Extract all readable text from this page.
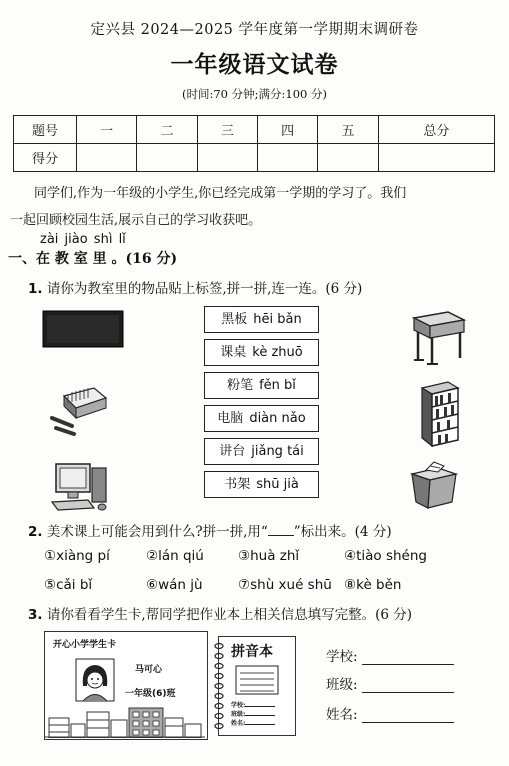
定兴县 2024—2025 学年度第一学期期末调研卷
一年级语文试卷
(时间:70 分钟;满分:100 分)
题号	一	二	三	四	五	总分
得分						

同学们,作为一年级的小学生,你已经完成第一学期的学习了。我们

一起回顾校园生活,展示自己的学习收获吧。

zài jiào shì lǐ
一、在 教 室 里 。(16 分)
1. 请你为教室里的物品贴上标签,拼一拼,连一连。(6 分)
黑板 hēi bǎn
课桌 kè zhuō
粉笔 fěn bǐ
电脑 diàn nǎo
讲台 jiǎng tái
书架 shū jià
2. 美术课上可能会用到什么?拼一拼,用“ ”标出来。(4 分)
①xiàng pí	②lán qiú	③huà zhǐ	④tiào shéng
⑤cǎi bǐ	⑥wán jù	⑦shù xué shū ⑧kè běn
3. 请你看看学生卡,帮同学把作业本上相关信息填写完整。(6 分)
开心小学学生卡
马可心
一年级(6)班
拼音本
学校:
班级:
姓名:
学校:
班级:
姓名:
